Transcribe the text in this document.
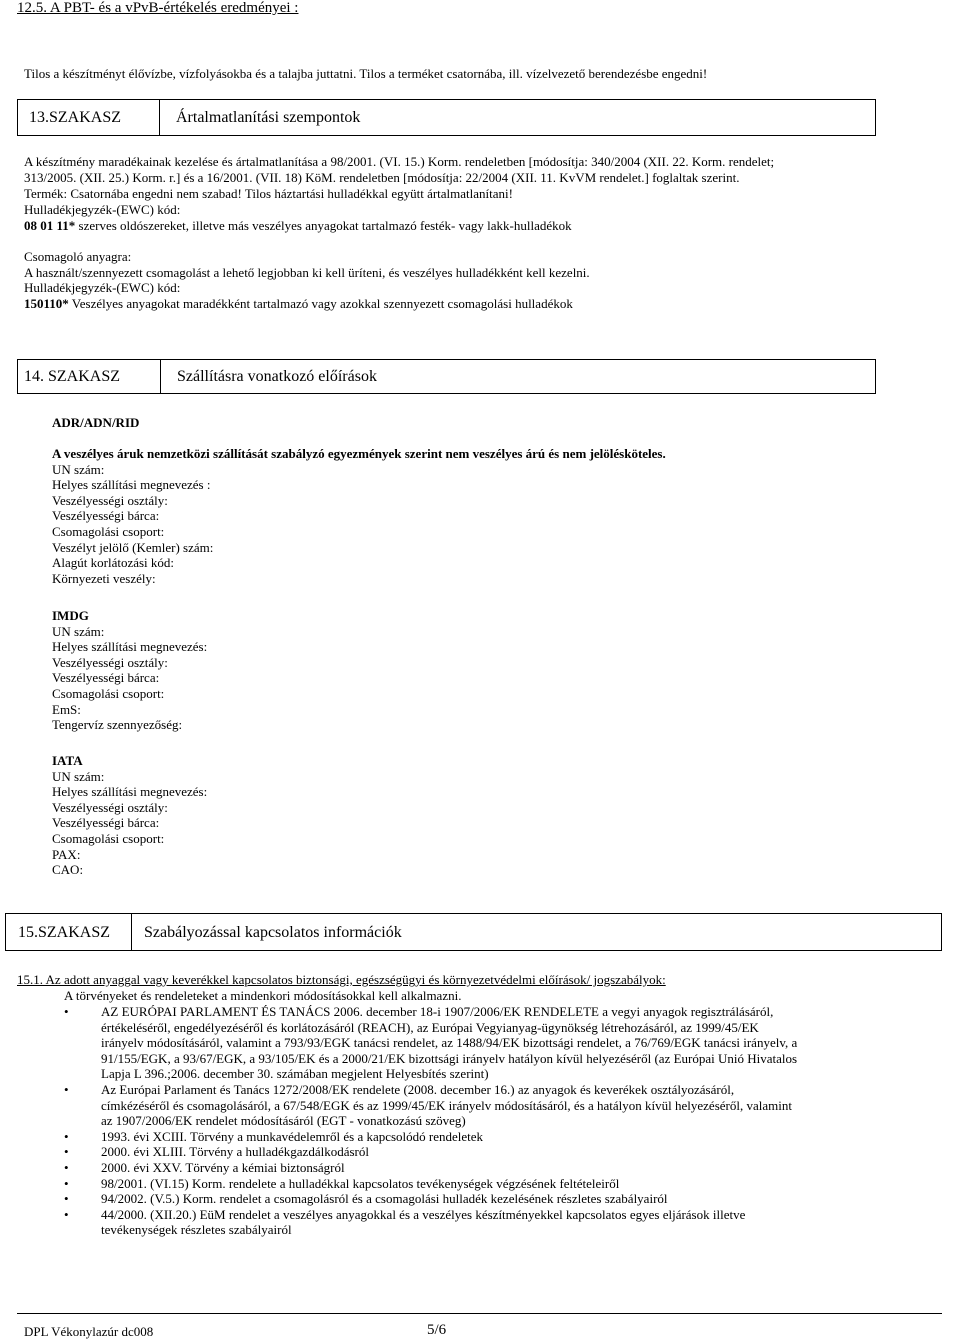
12.5. A PBT- és a vPvB-értékelés eredményei :
Tilos a készítményt élővízbe, vízfolyásokba és a talajba juttatni. Tilos a terméket csatornába, ill. vízelvezető berendezésbe engedni!
13.SZAKASZ	Ártalmatlanítási szempontok
A készítmény maradékainak kezelése és ártalmatlanítása a 98/2001. (VI. 15.) Korm. rendeletben [módosítja: 340/2004 (XII. 22. Korm. rendelet;
313/2005. (XII. 25.) Korm. r.] és a 16/2001. (VII. 18) KöM. rendeletben [módosítja: 22/2004 (XII. 11. KvVM rendelet.] foglaltak szerint.
Termék: Csatornába engedni nem szabad! Tilos háztartási hulladékkal együtt ártalmatlanítani!
Hulladékjegyzék-(EWC) kód:
08 01 11* szerves oldószereket, illetve más veszélyes anyagokat tartalmazó festék- vagy lakk-hulladékok
Csomagoló anyagra:
A használt/szennyezett csomagolást a lehető legjobban ki kell üríteni, és veszélyes hulladékként kell kezelni.
Hulladékjegyzék-(EWC) kód:
150110* Veszélyes anyagokat maradékként tartalmazó vagy azokkal szennyezett csomagolási hulladékok
14. SZAKASZ	Szállításra vonatkozó előírások
ADR/ADN/RID
A veszélyes áruk nemzetközi szállítását szabályzó egyezmények szerint nem veszélyes árú és nem jelölésköteles.
UN szám:
Helyes szállítási megnevezés :
Veszélyességi osztály:
Veszélyességi bárca:
Csomagolási csoport:
Veszélyt jelölő (Kemler) szám:
Alagút korlátozási kód:
Környezeti veszély:
IMDG
UN szám:
Helyes szállítási megnevezés:
Veszélyességi osztály:
Veszélyességi bárca:
Csomagolási csoport:
EmS:
Tengervíz szennyezőség:
IATA
UN szám:
Helyes szállítási megnevezés:
Veszélyességi osztály:
Veszélyességi bárca:
Csomagolási csoport:
PAX:
CAO:
15.SZAKASZ Szabályozással kapcsolatos információk
15.1. Az adott anyaggal vagy keverékkel kapcsolatos biztonsági, egészségügyi és környezetvédelmi előírások/ jogszabályok:
A törvényeket és rendeleteket a mindenkori módosításokkal kell alkalmazni.
• AZ EURÓPAI PARLAMENT ÉS TANÁCS 2006. december 18-i 1907/2006/EK RENDELETE a vegyi anyagok regisztrálásáról,
értékeléséről, engedélyezéséről és korlátozásáról (REACH), az Európai Vegyianyag-ügynökség létrehozásáról, az 1999/45/EK
irányelv módosításáról, valamint a 793/93/EGK tanácsi rendelet, az 1488/94/EK bizottsági rendelet, a 76/769/EGK tanácsi irányelv, a
91/155/EGK, a 93/67/EGK, a 93/105/EK és a 2000/21/EK bizottsági irányelv hatályon kívül helyezéséről (az Európai Unió Hivatalos
Lapja L 396.;2006. december 30. számában megjelent Helyesbítés szerint)
• Az Európai Parlament és Tanács 1272/2008/EK rendelete (2008. december 16.) az anyagok és keverékek osztályozásáról,
címkézéséről és csomagolásáról, a 67/548/EGK és az 1999/45/EK irányelv módosításáról, és a hatályon kívül helyezéséről, valamint
az 1907/2006/EK rendelet módosításáról (EGT - vonatkozású szöveg)
• 1993. évi XCIII. Törvény a munkavédelemről és a kapcsolódó rendeletek
• 2000. évi XLIII. Törvény a hulladékgazdálkodásról
• 2000. évi XXV. Törvény a kémiai biztonságról
• 98/2001. (VI.15) Korm. rendelete a hulladékkal kapcsolatos tevékenységek végzésének feltételeiről
• 94/2002. (V.5.) Korm. rendelet a csomagolásról és a csomagolási hulladék kezelésének részletes szabályairól
• 44/2000. (XII.20.) EüM rendelet a veszélyes anyagokkal és a veszélyes készítményekkel kapcsolatos egyes eljárások illetve
tevékenységek részletes szabályairól
DPL Vékonylazúr dc008	5/6
